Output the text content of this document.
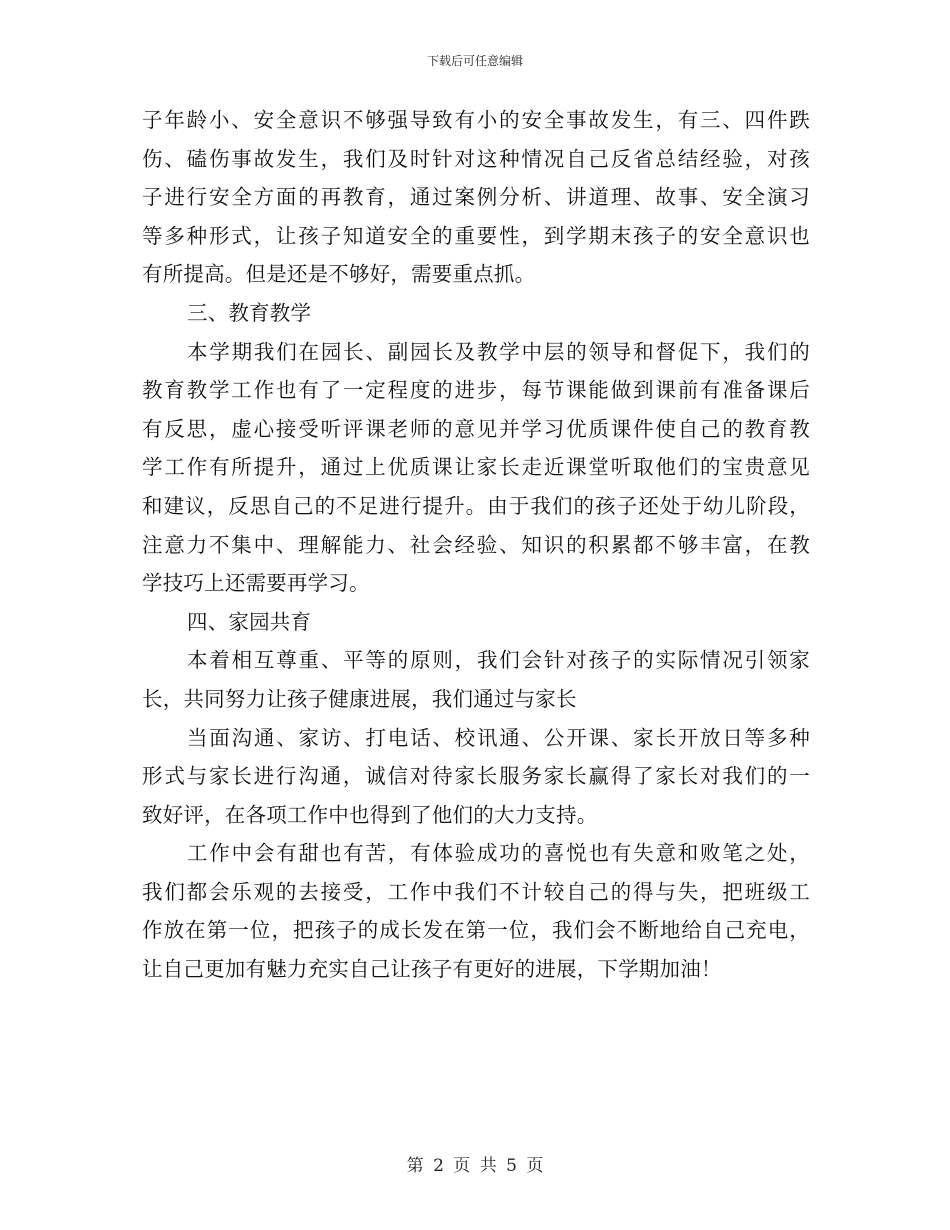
下载后可任意编辑
子年龄小、安全意识不够强导致有小的安全事故发生，有三、四件跌
伤、磕伤事故发生，我们及时针对这种情况自己反省总结经验，对孩
子进行安全方面的再教育，通过案例分析、讲道理、故事、安全演习
等多种形式，让孩子知道安全的重要性，到学期末孩子的安全意识也
有所提高。但是还是不够好，需要重点抓。
三、教育教学
本学期我们在园长、副园长及教学中层的领导和督促下，我们的
教育教学工作也有了一定程度的进步，每节课能做到课前有准备课后
有反思，虚心接受听评课老师的意见并学习优质课件使自己的教育教
学工作有所提升，通过上优质课让家长走近课堂听取他们的宝贵意见
和建议，反思自己的不足进行提升。由于我们的孩子还处于幼儿阶段，
注意力不集中、理解能力、社会经验、知识的积累都不够丰富，在教
学技巧上还需要再学习。
四、家园共育
本着相互尊重、平等的原则，我们会针对孩子的实际情况引领家
长，共同努力让孩子健康进展，我们通过与家长
当面沟通、家访、打电话、校讯通、公开课、家长开放日等多种
形式与家长进行沟通，诚信对待家长服务家长赢得了家长对我们的一
致好评，在各项工作中也得到了他们的大力支持。
工作中会有甜也有苦，有体验成功的喜悦也有失意和败笔之处，
我们都会乐观的去接受，工作中我们不计较自己的得与失，把班级工
作放在第一位，把孩子的成长发在第一位，我们会不断地给自己充电，
让自己更加有魅力充实自己让孩子有更好的进展，下学期加油！
第 2 页 共 5 页
